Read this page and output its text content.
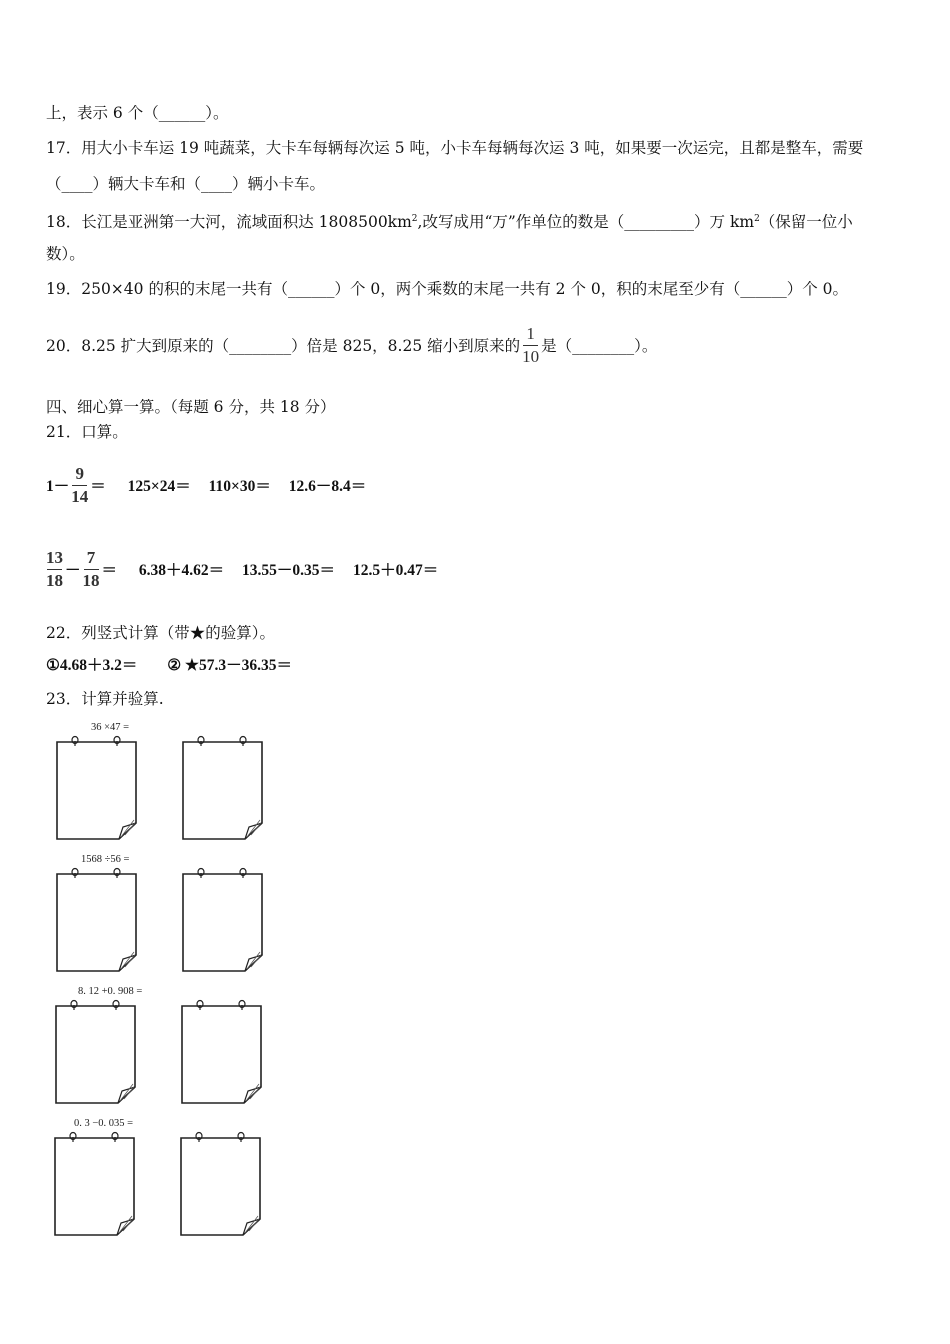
上，表示 6 个（______）。
17．用大小卡车运 19 吨蔬菜，大卡车每辆每次运 5 吨，小卡车每辆每次运 3 吨，如果要一次运完，且都是整车，需要
（____）辆大卡车和（____）辆小卡车。
18．长江是亚洲第一大河，流域面积达 $1808500km^2$,改写成用“万”作单位的数是（_________）万 $km^2$（保留一位小
数）。
19．250×40 的积的末尾一共有（______）个 0，两个乘数的末尾一共有 2 个 0，积的末尾至少有（______）个 0。
20．8.25 扩大到原来的（________）倍是 825，8.25 缩小到原来的 $\frac{1}{10}$ 是（________）。
四、细心算一算。（每题 6 分，共 18 分）
21．口算。
$1- \frac{9}{14} = 125\times 24= 110\times 30= 12.6-8.4=$
$\frac{13}{18} - \frac{7}{18} = 6.38+4.62= 13.55-0.35= 12.5+0.47=$
22．列竖式计算（带★的验算）。
①4.68＋3.2＝ ② ★57.3－36.35＝
23．计算并验算.
36 ×47 =
1568 ÷56 =
8. 12 +0. 908 =
0. 3 −0. 035 =
